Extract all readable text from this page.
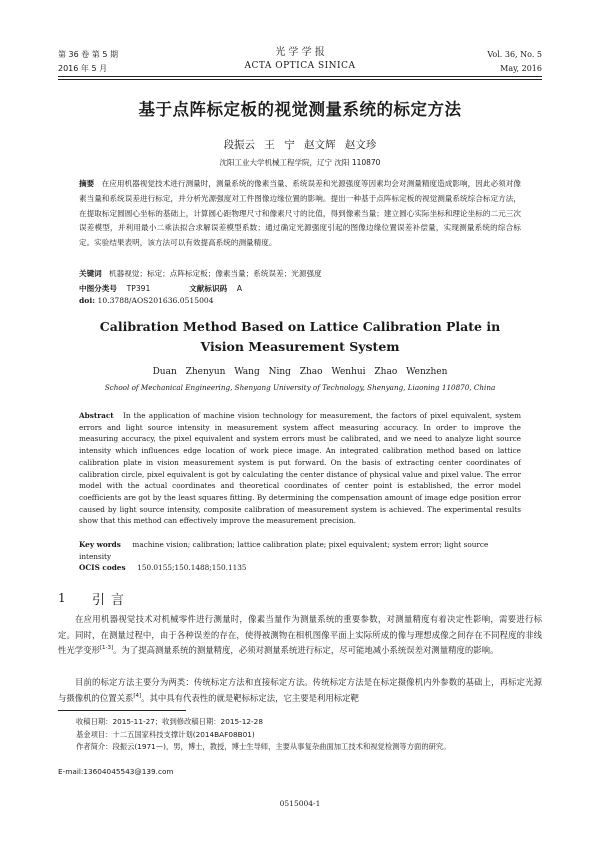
第 36 卷 第 5 期
2016 年 5 月
光 学 学 报
ACTA OPTICA SINICA
Vol. 36, No. 5
May, 2016
基于点阵标定板的视觉测量系统的标定方法
段振云 王 宁 赵文辉 赵文珍
沈阳工业大学机械工程学院，辽宁 沈阳 110870
摘要 在应用机器视觉技术进行测量时，测量系统的像素当量、系统误差和光源强度等因素均会对测量精度造成影响，因此必须对像素当量和系统误差进行标定，并分析光源强度对工件图像边缘位置的影响。提出一种基于点阵标定板的视觉测量系统综合标定方法，在提取标定圆圆心坐标的基础上，计算圆心距物理尺寸和像素尺寸的比值，得到像素当量；建立圆心实际坐标和理论坐标的二元三次误差模型，并利用最小二乘法拟合求解误差模型系数；通过确定光源强度引起的图像边缘位置误差补偿量，实现测量系统的综合标定。实验结果表明，该方法可以有效提高系统的测量精度。
关键词 机器视觉；标定；点阵标定板；像素当量；系统误差；光源强度
中图分类号 TP391	文献标识码 A
doi: 10.3788/AOS201636.0515004
Calibration Method Based on Lattice Calibration Plate in
Vision Measurement System
Duan Zhenyun Wang Ning Zhao Wenhui Zhao Wenzhen
School of Mechanical Engineering, Shenyang University of Technology, Shenyang, Liaoning 110870, China
Abstract In the application of machine vision technology for measurement, the factors of pixel equivalent, system errors and light source intensity in measurement system affect measuring accuracy. In order to improve the measuring accuracy, the pixel equivalent and system errors must be calibrated, and we need to analyze light source intensity which influences edge location of work piece image. An integrated calibration method based on lattice calibration plate in vision measurement system is put forward. On the basis of extracting center coordinates of calibration circle, pixel equivalent is got by calculating the center distance of physical value and pixel value. The error model with the actual coordinates and theoretical coordinates of center point is established, the error model coefficients are got by the least squares fitting. By determining the compensation amount of image edge position error caused by light source intensity, composite calibration of measurement system is achieved. The experimental results show that this method can effectively improve the measurement precision.
Key words machine vision; calibration; lattice calibration plate; pixel equivalent; system error; light source intensity
OCIS codes 150.0155;150.1488;150.1135
1 引言
在应用机器视觉技术对机械零件进行测量时，像素当量作为测量系统的重要参数，对测量精度有着决定性影响，需要进行标定。同时，在测量过程中，由于各种误差的存在，使得被测物在相机图像平面上实际所成的像与理想成像之间存在不同程度的非线性光学变形[1-3]。为了提高测量系统的测量精度，必须对测量系统进行标定，尽可能地减小系统误差对测量精度的影响。
目前的标定方法主要分为两类：传统标定方法和直接标定方法。传统标定方法是在标定摄像机内外参数的基础上，再标定光源与摄像机的位置关系[4]。其中具有代表性的就是靶标标定法，它主要是利用标定靶
收稿日期：2015-11-27；收到修改稿日期：2015-12-28
基金项目：十二五国家科技支撑计划(2014BAF08B01)
作者简介：段振云(1971—)，男，博士，教授，博士生导师，主要从事复杂曲面加工技术和视觉检测等方面的研究。
E-mail:13604045543@139.com
0515004-1
